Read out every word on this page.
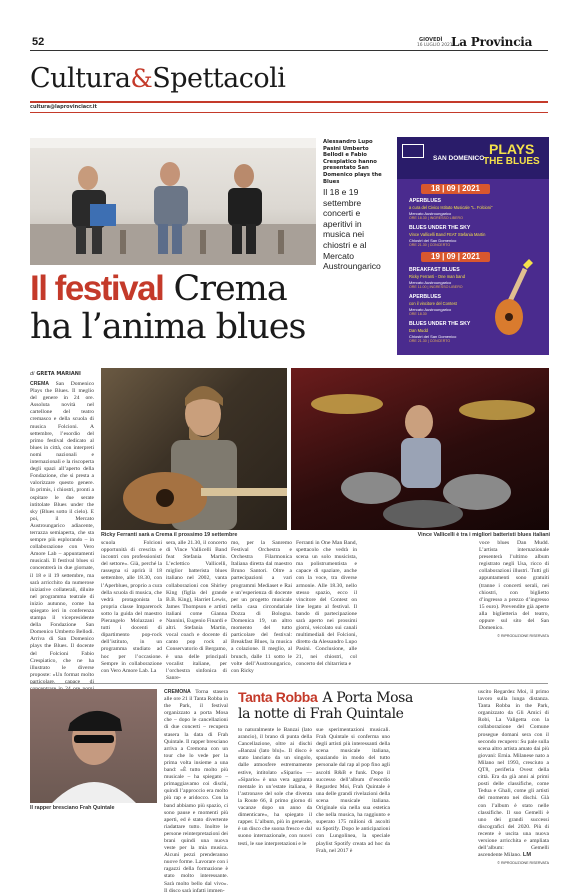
52	GIOVEDÌ
16 LUGLIO 2021
La Provincia
Cultura&Spettacoli
cultura@laprovinciacr.it
Alessandro Lupo Pasini Umberto Bellodi e Fabio Crespiatico hanno presentato San Domenico plays the Blues
Il 18 e 19 settembre concerti e aperitivi in musica nei chiostri e al Mercato Austroungarico
SAN DOMENICO
PLAYS
THE BLUES
18 | 09 | 2021
APERBLUES
a cura del Civico Istituto Musicale "L. Folcioni"
Mercato Austroungarico
ORE 18.30 | INGRESSO LIBERO
BLUES UNDER THE SKY
Vince Vallicelli Band FEAT Stefania Martin
Chiostri del San Domenico
ORE 21.30 | CONCERTO
19 | 09 | 2021
BREAKFAST BLUES
Ricky Ferranti - One man band
Mercato Austroungarico
ORE 11.00 | INGRESSO LIBERO
APERBLUES
con il vincitore del Contest
Mercato Austroungarico
ORE 18.30
BLUES UNDER THE SKY
Dan Mudd
Chiostri del San Domenico
ORE 21.30 | CONCERTO
Il festival Crema
ha l’anima blues
di GRETA MARIANI
CREMA San Domenico Plays the Blues. Il meglio del genere in 24 ore. Assoluta novità nel cartellone del teatro cremasco e della scuola di musica Folcioni. A settembre, l’esordio del primo festival dedicato al blues in città, con interpreti nomi nazionali e internazionali e la riscoperta degli spazi all’aperto della Fondazione, che si presta a valorizzare questo genere. In primis, i chiostri, pronti a ospitare le due serate intitolate Blues under the sky (Blues sotto il cielo). E poi, il Mercato Austroungarico adiacente, terrazza semiaperta, che sta sempre più esplorando – in collaborazione con Vero Amore Lab – appuntamenti musicali. Il festival blues si concentrerà in due giornate, il 18 e il 19 settembre, ma sarà arricchito da numerose iniziative collaterali, diluite nel programma teatrale di inizio autunno, come ha spiegato ieri in conferenza stampa il vicepresidente della Fondazione San Domenico Umberto Bellodi. Arriva di San Domenico plays the Blues. Il docente del Folcioni Fabio Crespiatico, che ne ha illustrato le diverse proposte: «Un format molto particolare, capace di
Ricky Ferranti sarà a Crema il prossimo 19 settembre	Vince Vallicelli è tra i migliori batteristi blues italiani
scuola Folcioni opportunità di crescita e incontri con professionisti del settore». Già, perché la rassegna si aprirà il 18 settembre, alle 18.30, con l’Aperblues, proprio a cura della scuola di musica, che vedrà protagonista la propria classe Imparerock sotto la guida del maestro Pierangelo Molazzani e tutti i docenti di dipartimento pop-rock dell’istituto, in un programma studiato ad hoc per l’occasione. Sempre in collaborazione con Vero Amore Lab. La
sera, alle 21.30, il concerto di Vince Vallicelli Band feat Stefania Martin. L’eclettico Vallicelli, miglior batterista blues italiano nel 2002, vanta collaborazioni con Shirley King (figlia del grande B.B. King), Harriet Lewis, James Thompson e artisti italiani come Gianna Nannini, Eugenio Finardi e altri. Stefania Martin, vocal coach e docente di canto pop rock al Conservatorio di Bergamo, è una delle principali vocalist italiane, per l’orchestra sinfonica di Sanre-
mo, per la Sanremo Festival Orchestra e Orchestra Filarmonica Italiana diretta dal maestro Bruno Santori. Oltre a partecipazioni a vari programmi Mediaset e Rai e un’esperienza di docente per un progetto musicale nella casa circondariale Dozza di Bologna. Domenica 19, un altro momento del tutto particolare del festival: Breakfast Blues, la musica a colazione. Il meglio, al brunch, dalle 11 sotto le volte dell’Austroungarico, con Ricky
Ferranti in One Man Band, spettacolo che vedrà in scena un solo musicista, ma polistrumentista e capace di spaziare, anche con la voce, tra diverse armonie. Alle 18.30, nello stesso spazio, ecco il vincitore del Contest on line legato al festival. Il bando di partecipazione sarà aperto nei prossimi giorni, veicolato sui canali multimediali del Folcioni, diretto da Alessandro Lupo Pasini. Conclusione, alle 21, nei chiostri, col concerto del chitarrista e
voce blues Dan Mudd. L’artista internazionale presenterà l’ultimo album registrato negli Usa, ricco di collaborazioni illustri. Tutti gli appuntamenti sono gratuiti (tranne i concerti serali, nei chiostri, con biglietto d’ingresso a prezzo d’ingresso 15 euro). Prevendite già aperte alla biglietteria del teatro, oppure sul sito del San Domenico.
© RIPRODUZIONE RISERVATA
Il rapper bresciano Frah Quintale
CREMONA Torna stasera alle ore 21 il Tanta Robba in the Park, il festival organizzato a porta Mosa che – dopo le cancellazioni di due concerti – recupera stasera la data di Frah Quintale. Il rapper bresciano arriva a Cremona con un tour che lo vede per la prima volta insieme a una band: «È tutto molto più musicale – ha spiegato – primaggiavamo coi dischi, quindi l’approccio era molto più rap e aridocco. Con la band abbiamo più spazio, ci sono pause e momenti più aperti, ed è stato divertente riadattare tutto. Inoltre le persone reinterpretazioni dei brani quindi una nuova veste per la mia musica. Alcuni pezzi prenderanno nuove forme. Lavorare con i ragazzi della formazione è stato molto interessante. Sarà molto bello dal vivo». Il disco sarà infatti immen-
Tanta Robba A Porta Mosa
la notte di Frah Quintale
to naturalmente le Banzai (lato arancio), il brano di punta della Cancellazione, oltre ai dischi «Banzai (lato blu)». Il disco è stato lanciato da un singolo, dalle atmosfere estremamente estive, intitolato «Sipario» — «Sipario» è una vera aggiunta mentale in un’estate italiana, è l’astronave del sole che diventa la Route 66, il primo giorno di vacanze dopo un anno da dimenticare», ha spiegato il rapper. L’album, più in generale, è un disco che suona fresco e dal suono internazionale, con nuovi testi, le sue interpretazioni e le
sue sperimentazioni musicali. Frah Quintale si conferma uno degli artisti più interessanti della scena musicale italiana, spaziando in modo del tutto personale dal rap al pop fino agli ascolti R&B e funk. Dopo il successo dell’album d’esordio Regardez Moi, Frah Quintale è una delle grandi rivelazioni della scena musicale italiana. Originale sia nella sua estetica che nella musica, ha raggiunto e superato 175 milioni di ascolti su Spotify. Dopo le anticipazioni con Lungolinea, la speciale playlist Spotify creata ad hoc da Frah, nel 2017 è
uscito Regardez Moi, il primo lavoro sulla lunga distanza. Tanta Robba in the Park, organizzato da Gli Amici di Robi, La Valigetta con la collaborazione del Comune prosegue domani sera con il secondo recupero: Su pale sulla scena altro artista amato dai più giovani: Ernia. Milanese nato a Milano nel 1993, cresciuto a QT8, periferia Ovest della città. Era da già anni ai primi posti delle classifiche, come Tedua e Ghali, come gli artisti del momento nei dischi. Già con l’album è stato nelle classifiche. Il suo Gemelli è uno dei grandi successi discografici del 2020. Più di recente è uscita una nuova versione arricchita e ampliata dell’album: Gemelli ascendente Milano. LM
© RIPRODUZIONE RISERVATA
